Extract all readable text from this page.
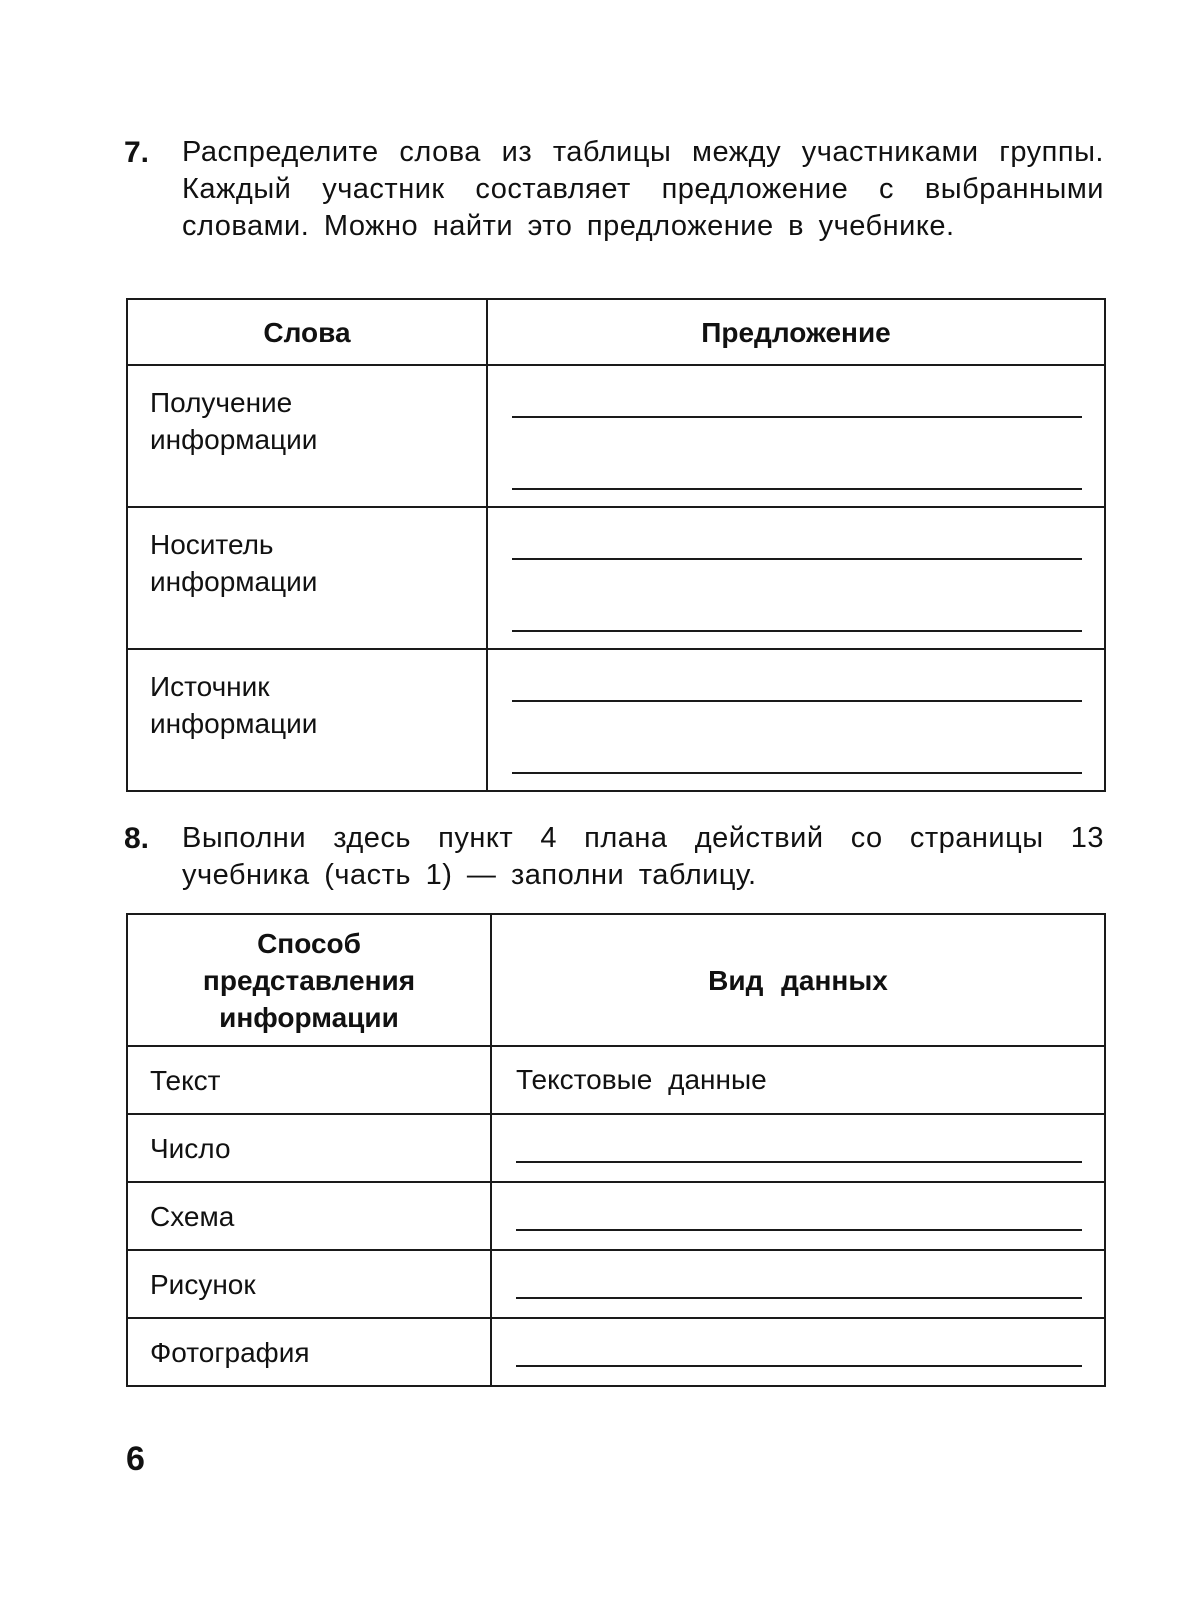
7.	Распределите слова из таблицы между участниками группы. Каждый участник составляет предложение с выбранными словами. Можно найти это предложение в учебнике.
Слова	Предложение

Получение
информации	

Носитель
информации	

Источник
информации	

8.	Выполни здесь пункт 4 плана действий со страницы 13 учебника (часть 1) — заполни таблицу.
Способ
представления
информации	Вид данных
Текст	Текстовые данные
Число	

Схема	

Рисунок	

Фотография	
6
